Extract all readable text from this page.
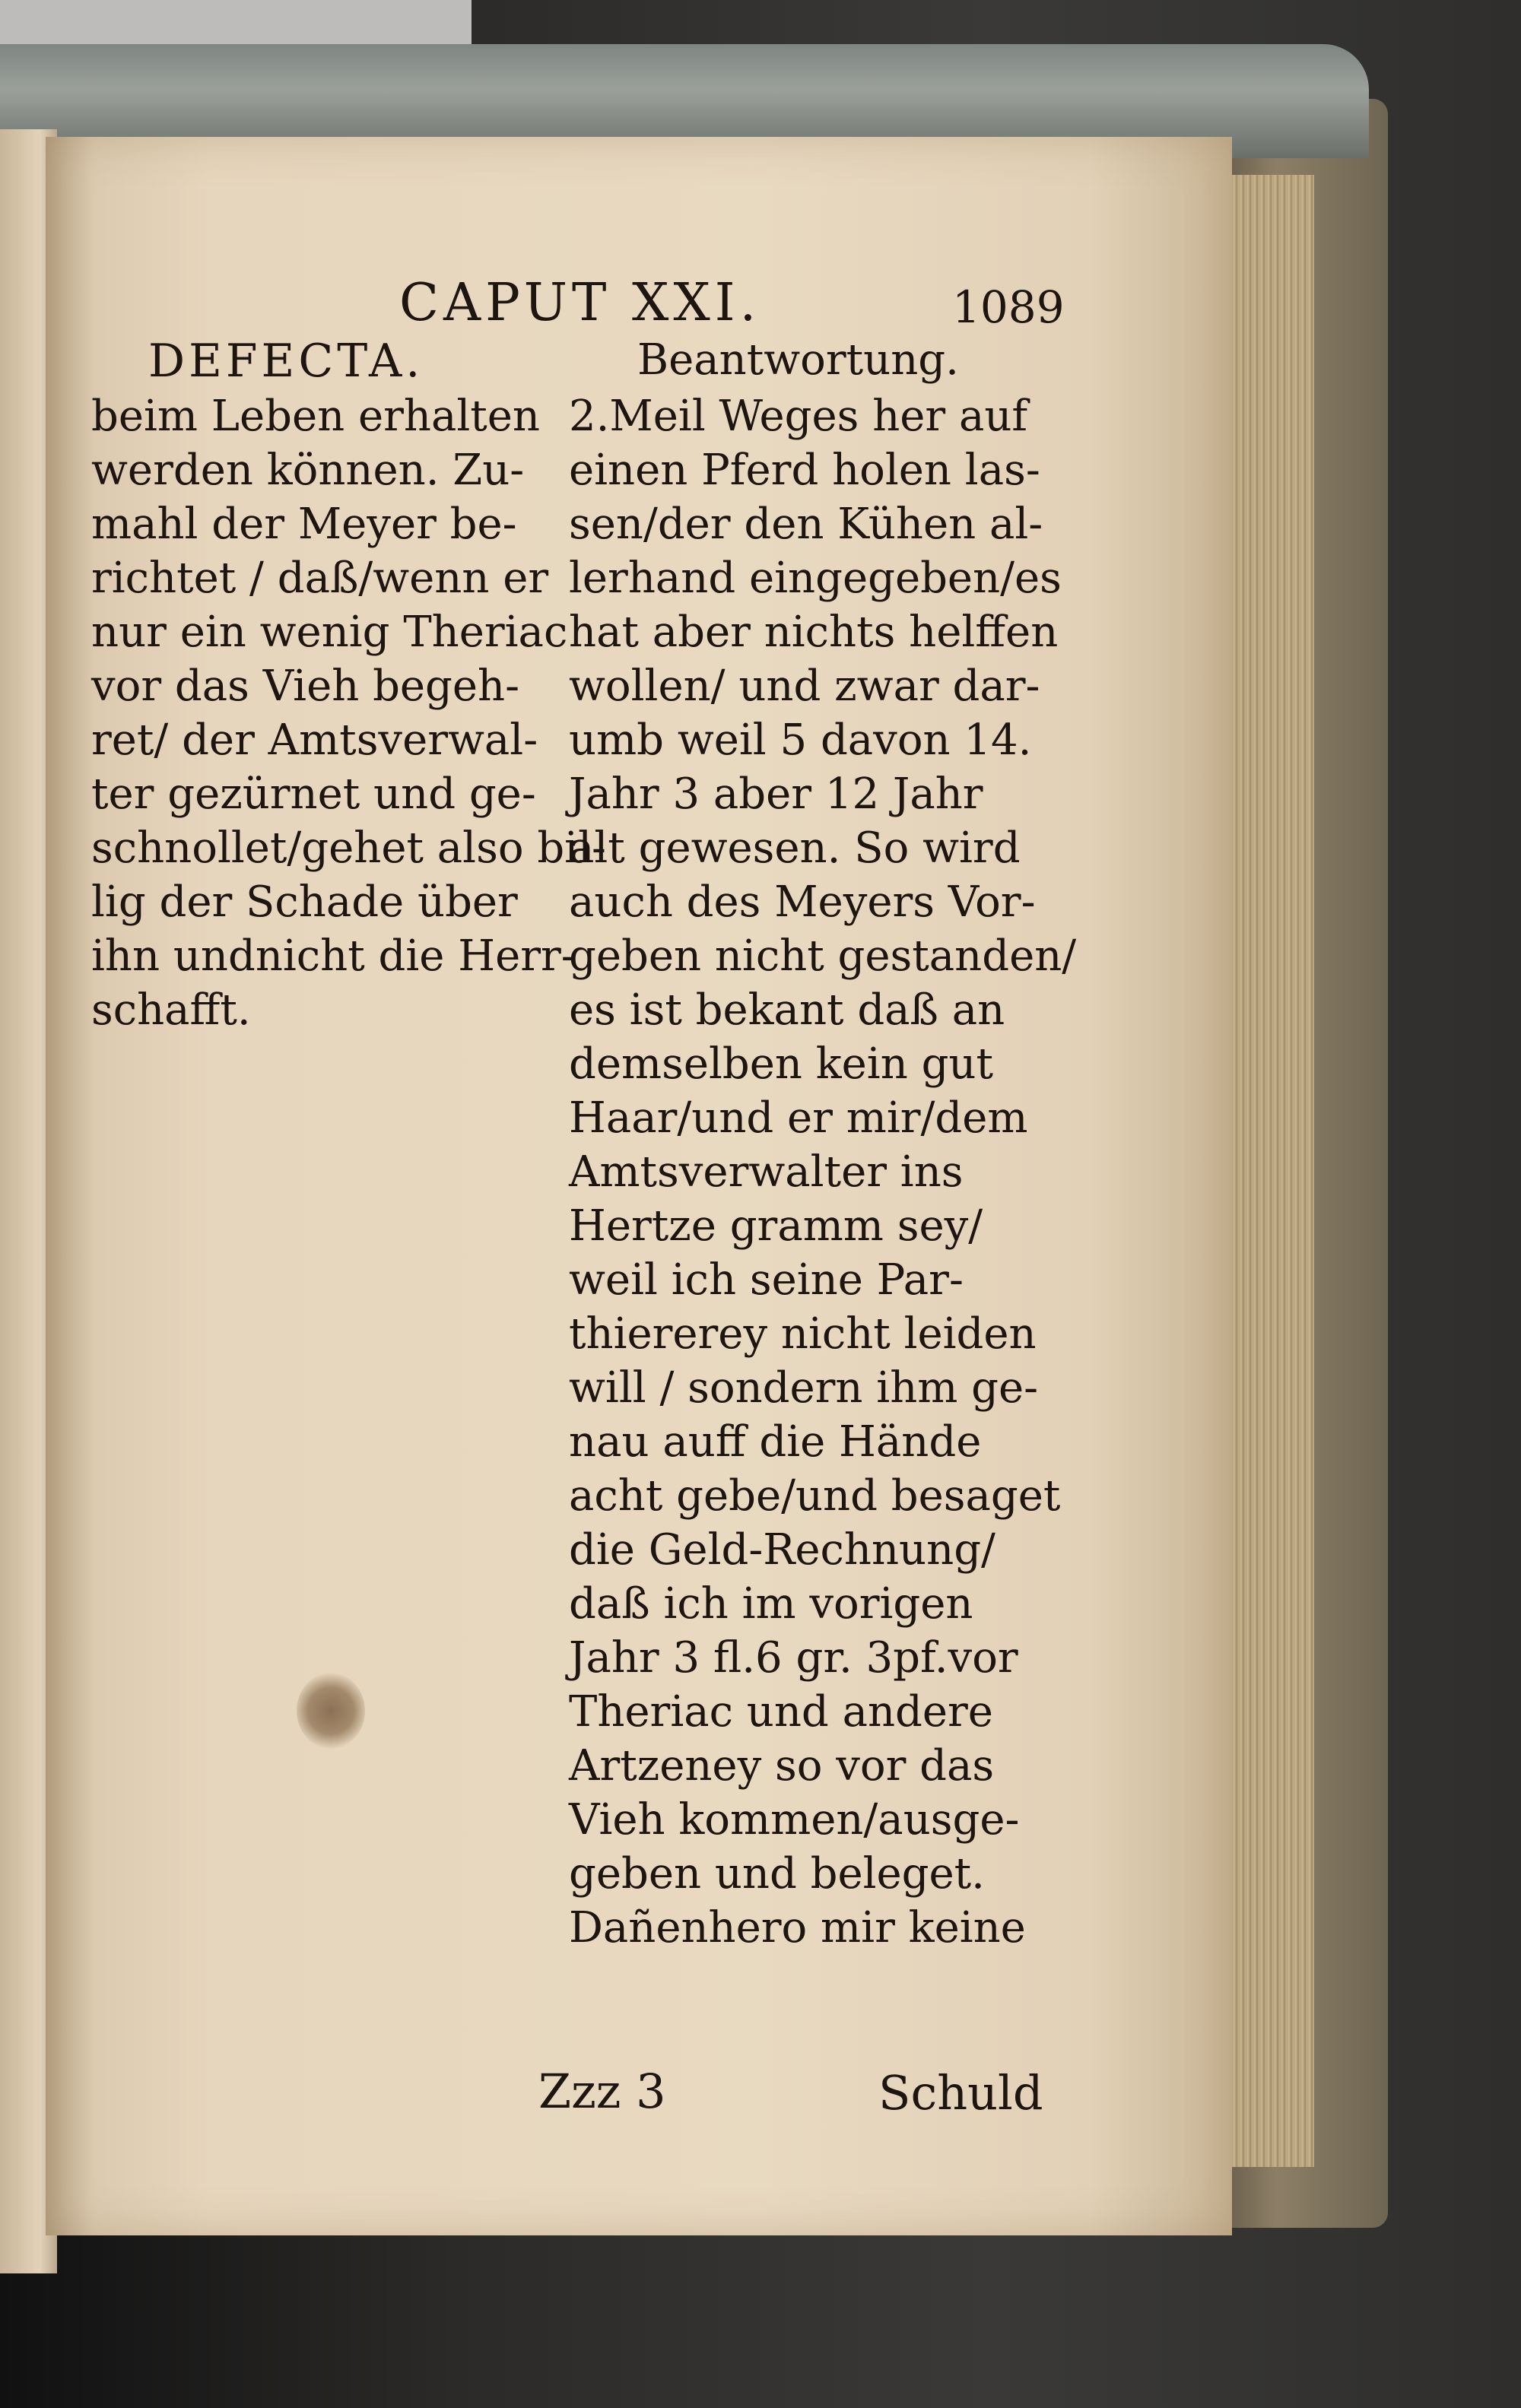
CAPUT XXI.	1089
DEFECTA.	Beantwortung.
beim Leben erhalten
werden können. Zu-
mahl der Meyer be-
richtet / daß/wenn er
nur ein wenig Theriac
vor das Vieh begeh-
ret/ der Amtsverwal-
ter gezürnet und ge-
schnollet/gehet also bil-
lig der Schade über
ihn undnicht die Herr-
schafft.
2.Meil Weges her auf
einen Pferd holen las-
sen/der den Kühen al-
lerhand eingegeben/es
hat aber nichts helffen
wollen/ und zwar dar-
umb weil 5 davon 14.
Jahr 3 aber 12 Jahr
alt gewesen. So wird
auch des Meyers Vor-
geben nicht gestanden/
es ist bekant daß an
demselben kein gut
Haar/und er mir/dem
Amtsverwalter ins
Hertze gramm sey/
weil ich seine Par-
thiererey nicht leiden
will / sondern ihm ge-
nau auff die Hände
acht gebe/und besaget
die Geld-Rechnung/
daß ich im vorigen
Jahr 3 fl.6 gr. 3pf.vor
Theriac und andere
Artzeney so vor das
Vieh kommen/ausge-
geben und beleget.
Dañenhero mir keine
Zzz 3	Schuld
